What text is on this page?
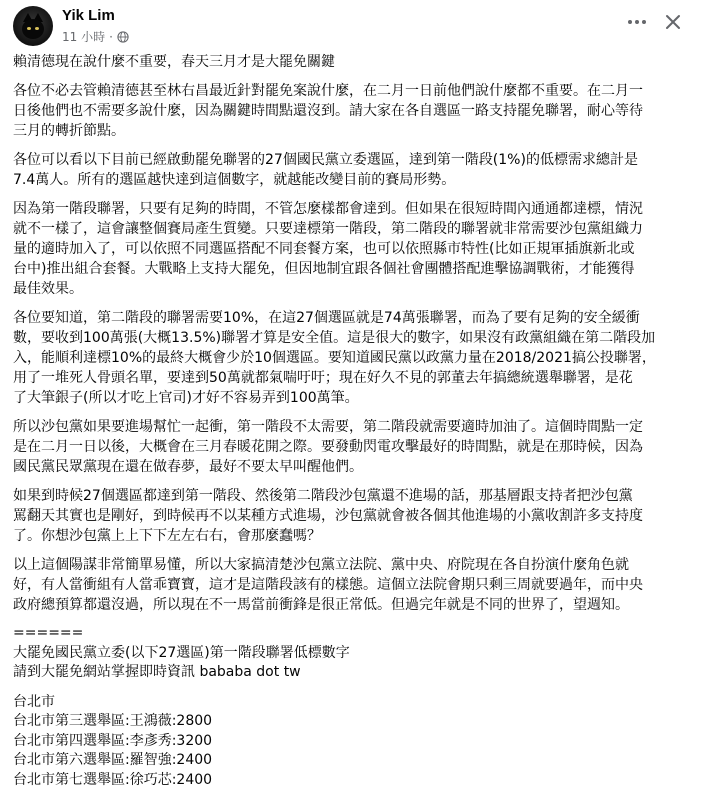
Yik Lim
11 小時 ·

賴清德現在說什麼不重要，春天三月才是大罷免關鍵

各位不必去管賴清德甚至林右昌最近針對罷免案說什麼，在二月一日前他們說什麼都不重要。在二月一

日後他們也不需要多說什麼，因為關鍵時間點還沒到。請大家在各自選區一路支持罷免聯署，耐心等待

三月的轉折節點。

各位可以看以下目前已經啟動罷免聯署的27個國民黨立委選區，達到第一階段(1%)的低標需求總計是

7.4萬人。所有的選區越快達到這個數字，就越能改變目前的賽局形勢。

因為第一階段聯署，只要有足夠的時間，不管怎麼樣都會達到。但如果在很短時間內通通都達標，情況

就不一樣了，這會讓整個賽局產生質變。只要達標第一階段，第二階段的聯署就非常需要沙包黨組織力

量的適時加入了，可以依照不同選區搭配不同套餐方案，也可以依照縣市特性(比如正規軍插旗新北或

台中)推出組合套餐。大戰略上支持大罷免，但因地制宜跟各個社會團體搭配進擊協調戰術，才能獲得

最佳效果。

各位要知道，第二階段的聯署需要10%，在這27個選區就是74萬張聯署，而為了要有足夠的安全緩衝

數，要收到100萬張(大概13.5%)聯署才算是安全值。這是很大的數字，如果沒有政黨組織在第二階段加

入，能順利達標10%的最終大概會少於10個選區。要知道國民黨以政黨力量在2018/2021搞公投聯署，

用了一堆死人骨頭名單，要達到50萬就都氣喘吁吁；現在好久不見的郭董去年搞總統選舉聯署，是花

了大筆銀子(所以才吃上官司)才好不容易弄到100萬筆。

所以沙包黨如果要進場幫忙一起衝，第一階段不太需要，第二階段就需要適時加油了。這個時間點一定

是在二月一日以後，大概會在三月春暖花開之際。要發動閃電攻擊最好的時間點，就是在那時候，因為

國民黨民眾黨現在還在做春夢，最好不要太早叫醒他們。

如果到時候27個選區都達到第一階段、然後第二階段沙包黨還不進場的話，那基層跟支持者把沙包黨

罵翻天其實也是剛好，到時候再不以某種方式進場，沙包黨就會被各個其他進場的小黨收割許多支持度

了。你想沙包黨上上下下左左右右，會那麼蠢嗎？

以上這個陽謀非常簡單易懂，所以大家搞清楚沙包黨立法院、黨中央、府院現在各自扮演什麼角色就

好，有人當衝組有人當乖寶寶，這才是這階段該有的樣態。這個立法院會期只剩三周就要過年，而中央

政府總預算都還沒過，所以現在不一馬當前衝鋒是很正常低。但過完年就是不同的世界了，望週知。

======

大罷免國民黨立委(以下27選區)第一階段聯署低標數字

請到大罷免網站掌握即時資訊 bababa dot tw

台北市

台北市第三選舉區:王鴻薇:2800

台北市第四選舉區:李彥秀:3200

台北市第六選舉區:羅智強:2400

台北市第七選舉區:徐巧芯:2400
